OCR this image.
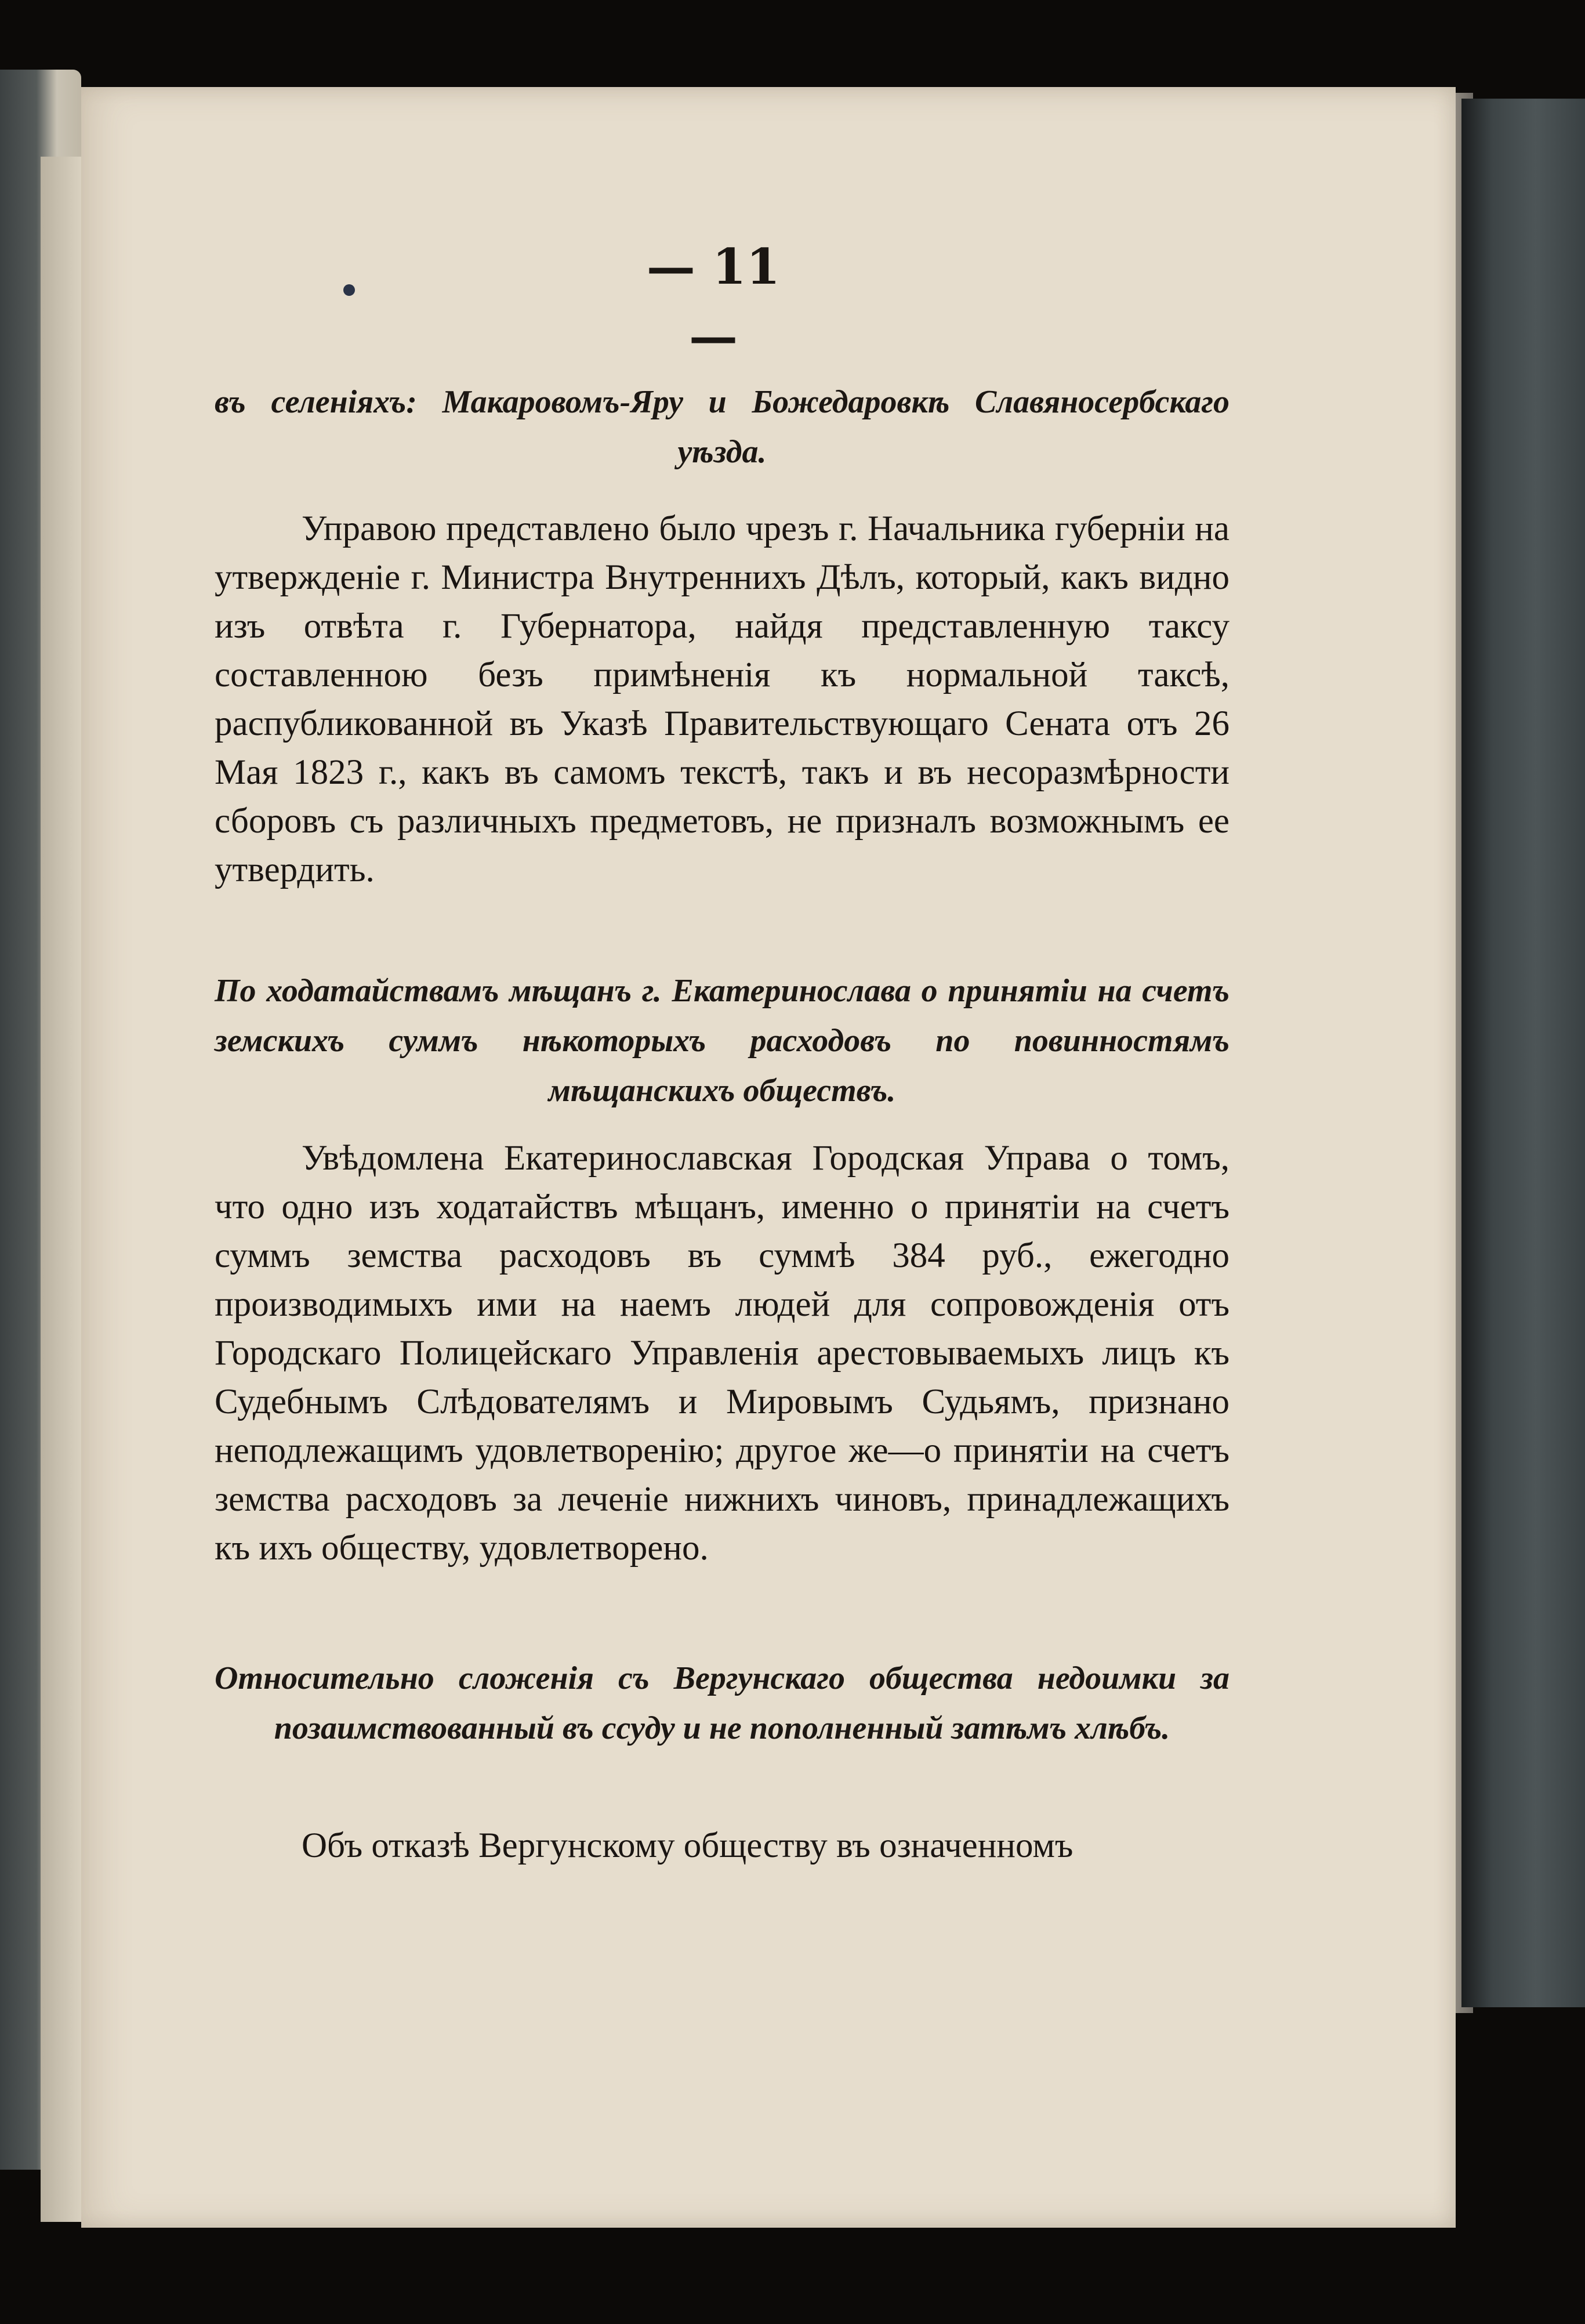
— 11 —
въ селеніяхъ: Макаровомъ-Яру и Божедаровкѣ Славяносербскаго уѣзда.

Управою представлено было чрезъ г. Начальника губерніи на утвержденіе г. Министра Внутреннихъ Дѣлъ, который, какъ видно изъ отвѣта г. Губернатора, найдя представленную таксу составленною безъ примѣненія къ нормальной таксѣ, распубликованной въ Указѣ Правительствующаго Сената отъ 26 Мая 1823 г., какъ въ самомъ текстѣ, такъ и въ несоразмѣрности сборовъ съ различныхъ предметовъ, не призналъ возможнымъ ее утвердить.

По ходатайствамъ мѣщанъ г. Екатеринослава о принятіи на счетъ земскихъ суммъ нѣкоторыхъ расходовъ по повинностямъ мѣщанскихъ обществъ.

Увѣдомлена Екатеринославская Городская Управа о томъ, что одно изъ ходатайствъ мѣщанъ, именно о принятіи на счетъ суммъ земства расходовъ въ суммѣ 384 руб., ежегодно производимыхъ ими на наемъ людей для сопровожденія отъ Городскаго Полицейскаго Управленія арестовываемыхъ лицъ къ Судебнымъ Слѣдователямъ и Мировымъ Судьямъ, признано неподлежащимъ удовлетворенію; другое же—о принятіи на счетъ земства расходовъ за леченіе нижнихъ чиновъ, принадлежащихъ къ ихъ обществу, удовлетворено.

Относительно сложенія съ Вергунскаго общества недоимки за позаимствованный въ ссуду и не пополненный затѣмъ хлѣбъ.

Объ отказѣ Вергунскому обществу въ означенномъ
